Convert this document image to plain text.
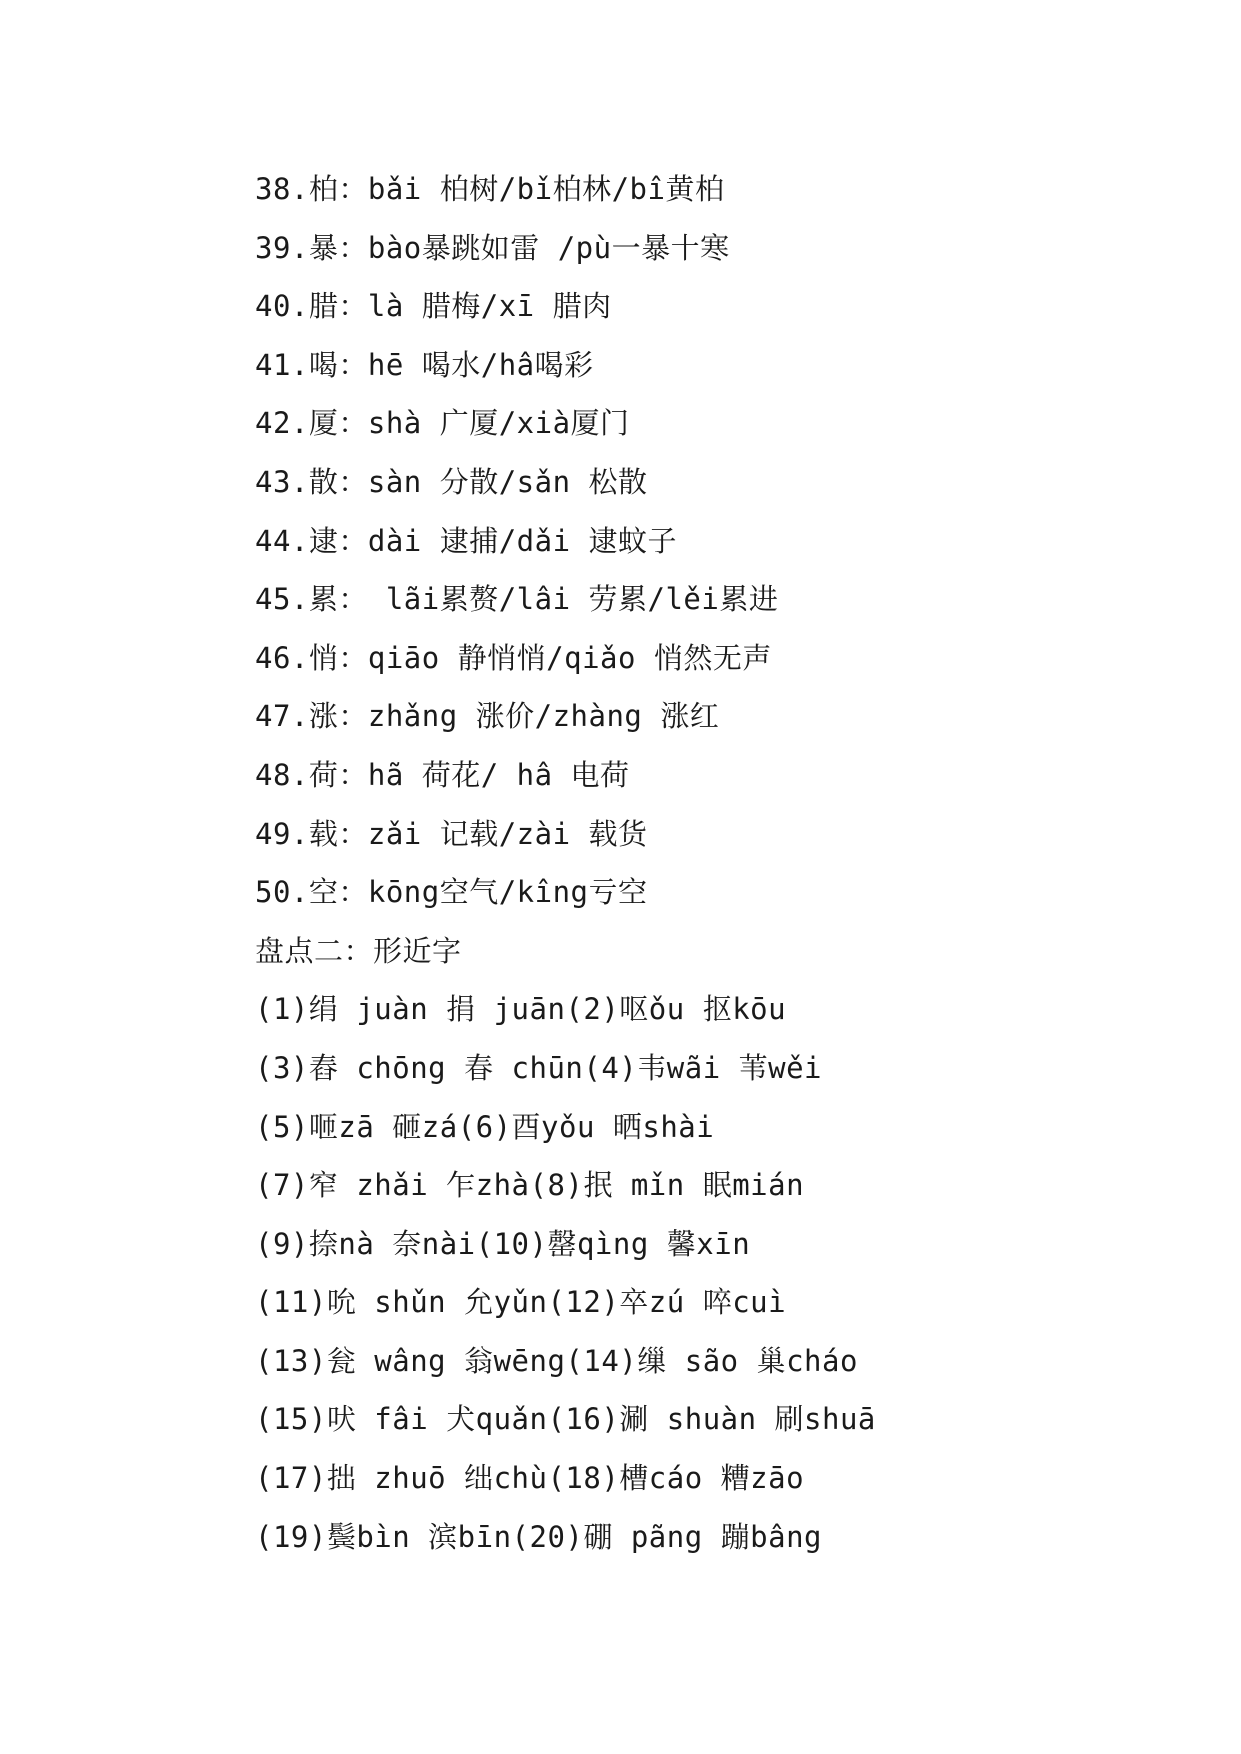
38.柏：bǎi 柏树/bǐ柏林/bî黄柏
39.暴：bào暴跳如雷 /pù一暴十寒
40.腊：là 腊梅/xī 腊肉
41.喝：hē 喝水/hâ喝彩
42.厦：shà 广厦/xià厦门
43.散：sàn 分散/sǎn 松散
44.逮：dài 逮捕/dǎi 逮蚊子
45.累： lãi累赘/lâi 劳累/lěi累进
46.悄：qiāo 静悄悄/qiǎo 悄然无声
47.涨：zhǎng 涨价/zhàng 涨红
48.荷：hã 荷花/ hâ 电荷
49.载：zǎi 记载/zài 载货
50.空：kōng空气/kîng亏空
盘点二：形近字
(1)绢 juàn 捐 juān(2)呕ǒu 抠kōu
(3)舂 chōng 春 chūn(4)韦wãi 苇wěi
(5)咂zā 砸zá(6)酉yǒu 晒shài
(7)窄 zhǎi 乍zhà(8)抿 mǐn 眠mián
(9)捺nà 奈nài(10)罄qìng 馨xīn
(11)吮 shǔn 允yǔn(12)卒zú 啐cuì
(13)瓮 wâng 翁wēng(14)缫 são 巢cháo
(15)吠 fâi 犬quǎn(16)涮 shuàn 刷shuā
(17)拙 zhuō 绌chù(18)槽cáo 糟zāo
(19)鬓bìn 滨bīn(20)硼 pãng 蹦bâng
